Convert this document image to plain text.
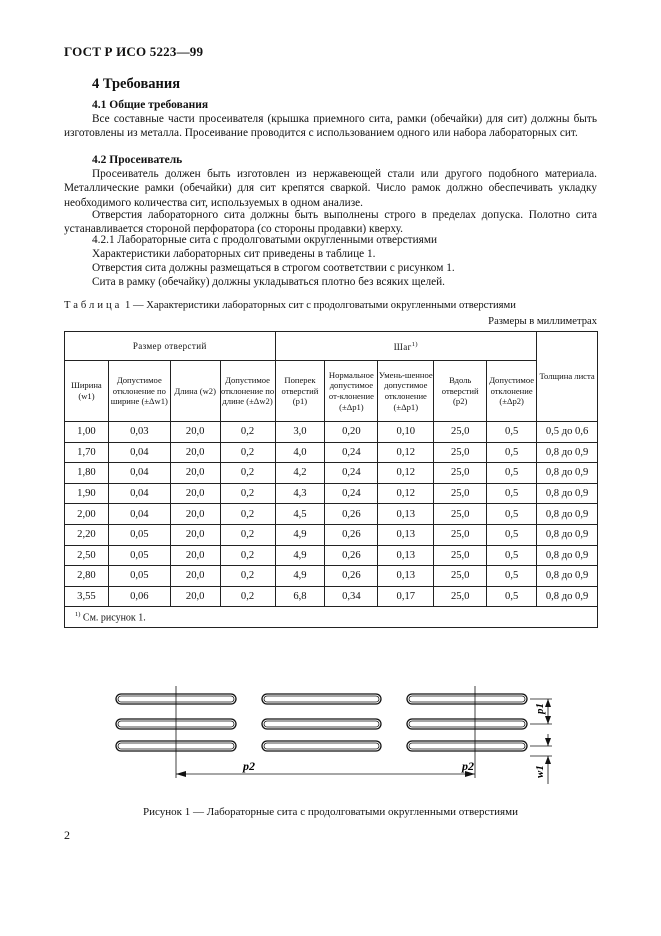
ГОСТ Р ИСО 5223—99
4 Требования
4.1 Общие требования
Все составные части просеивателя (крышка приемного сита, рамки (обечайки) для сит) должны быть изготовлены из металла. Просеивание проводится с использованием одного или набора лабораторных сит.
4.2 Просеиватель
Просеиватель должен быть изготовлен из нержавеющей стали или другого подобного материала. Металлические рамки (обечайки) для сит крепятся сваркой. Число рамок должно обеспечивать укладку необходимого количества сит, используемых в одном анализе.
Отверстия лабораторного сита должны быть выполнены строго в пределах допуска. Полотно сита устанавливается стороной перфоратора (со стороны продавки) кверху.
4.2.1 Лабораторные сита с продолговатыми округленными отверстиями
Характеристики лабораторных сит приведены в таблице 1.
Отверстия сита должны размещаться в строгом соответствии с рисунком 1.
Сита в рамку (обечайку) должны укладываться плотно без всяких щелей.
Таблица 1 — Характеристики лабораторных сит с продолговатыми округленными отверстиями
Размеры в миллиметрах
Размер отверстий				Шаг$^{1)}$					Толщина листа
Ширина (w1)	Допустимое отклонение по ширине (±Δw1)	Длина (w2)	Допустимое отклонение по длине (±Δw2)	Поперек отверстий (p1)	Нормальное допустимое от-клонение (±Δp1)	Умень-шенное допустимое отклонение (±Δp1)	Вдоль отверстий (p2)	Допустимое отклонение (±Δp2)	
1,00	0,03	20,0	0,2	3,0	0,20	0,10	25,0	0,5	0,5 до 0,6
1,70	0,04	20,0	0,2	4,0	0,24	0,12	25,0	0,5	0,8 до 0,9
1,80	0,04	20,0	0,2	4,2	0,24	0,12	25,0	0,5	0,8 до 0,9
1,90	0,04	20,0	0,2	4,3	0,24	0,12	25,0	0,5	0,8 до 0,9
2,00	0,04	20,0	0,2	4,5	0,26	0,13	25,0	0,5	0,8 до 0,9
2,20	0,05	20,0	0,2	4,9	0,26	0,13	25,0	0,5	0,8 до 0,9
2,50	0,05	20,0	0,2	4,9	0,26	0,13	25,0	0,5	0,8 до 0,9
2,80	0,05	20,0	0,2	4,9	0,26	0,13	25,0	0,5	0,8 до 0,9
3,55	0,06	20,0	0,2	6,8	0,34	0,17	25,0	0,5	0,8 до 0,9
$^{1)}$ См. рисунок 1.									
p2	p2
p1
w1
Рисунок 1 — Лабораторные сита с продолговатыми округленными отверстиями
2
